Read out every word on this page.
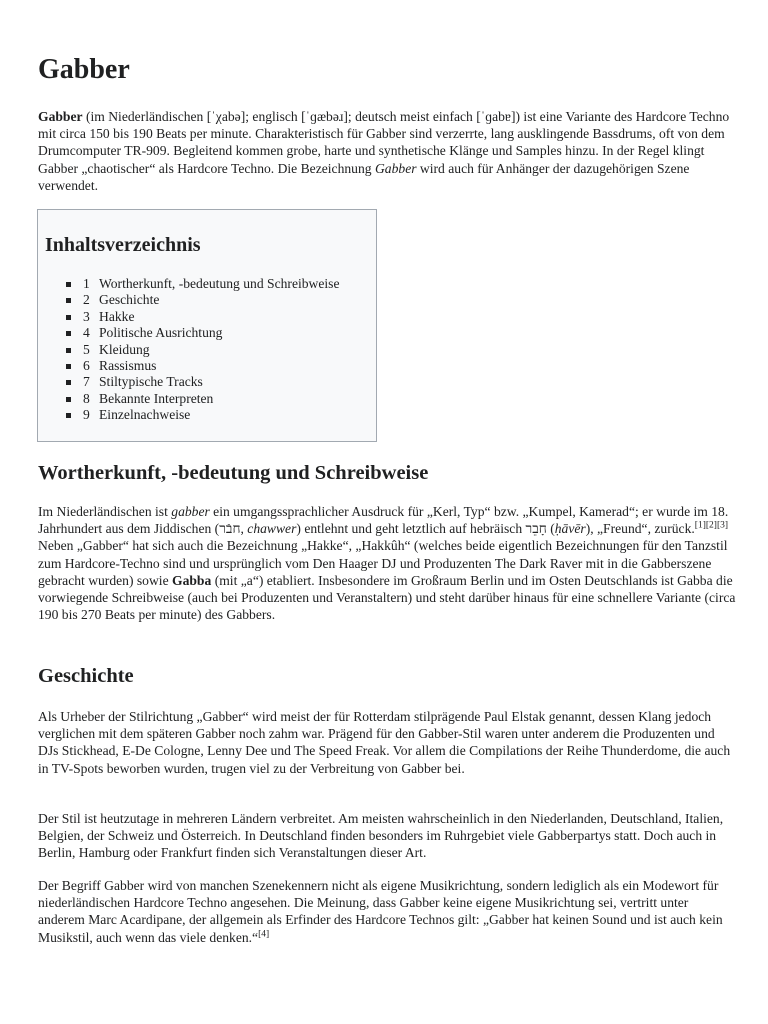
Gabber

Gabber (im Niederländischen [ˈχabə]; englisch [ˈɡæbəɹ]; deutsch meist einfach [ˈɡabɐ]) ist eine Variante des Hardcore Techno mit circa 150 bis 190 Beats per minute. Charakteristisch für Gabber sind verzerrte, lang ausklingende Bassdrums, oft von dem Drumcomputer TR-909. Begleitend kommen grobe, harte und synthetische Klänge und Samples hinzu. In der Regel klingt Gabber „chaotischer“ als Hardcore Techno. Die Bezeichnung Gabber wird auch für Anhänger der dazugehörigen Szene verwendet.

Inhaltsverzeichnis
1 Wortherkunft, -bedeutung und Schreibweise
2 Geschichte
3 Hakke
4 Politische Ausrichtung
5 Kleidung
6 Rassismus
7 Stiltypische Tracks
8 Bekannte Interpreten
9 Einzelnachweise
Wortherkunft, -bedeutung und Schreibweise

Im Niederländischen ist gabber ein umgangssprachlicher Ausdruck für „Kerl, Typ“ bzw. „Kumpel, Kamerad“; er wurde im 18. Jahrhundert aus dem Jiddischen (חבֿר, chawwer) entlehnt und geht letztlich auf hebräisch חָבֵר (ḥāvēr), „Freund“, zurück.[1][2][3] Neben „Gabber“ hat sich auch die Bezeichnung „Hakke“, „Hakkûh“ (welches beide eigentlich Bezeichnungen für den Tanzstil zum Hardcore-Techno sind und ursprünglich vom Den Haager DJ und Produzenten The Dark Raver mit in die Gabberszene gebracht wurden) sowie Gabba (mit „a“) etabliert. Insbesondere im Großraum Berlin und im Osten Deutschlands ist Gabba die vorwiegende Schreibweise (auch bei Produzenten und Veranstaltern) und steht darüber hinaus für eine schnellere Variante (circa 190 bis 270 Beats per minute) des Gabbers.

Geschichte

Als Urheber der Stilrichtung „Gabber“ wird meist der für Rotterdam stilprägende Paul Elstak genannt, dessen Klang jedoch verglichen mit dem späteren Gabber noch zahm war. Prägend für den Gabber-Stil waren unter anderem die Produzenten und DJs Stickhead, E-De Cologne, Lenny Dee und The Speed Freak. Vor allem die Compilations der Reihe Thunderdome, die auch in TV-Spots beworben wurden, trugen viel zu der Verbreitung von Gabber bei.

Der Stil ist heutzutage in mehreren Ländern verbreitet. Am meisten wahrscheinlich in den Niederlanden, Deutschland, Italien, Belgien, der Schweiz und Österreich. In Deutschland finden besonders im Ruhrgebiet viele Gabberpartys statt. Doch auch in Berlin, Hamburg oder Frankfurt finden sich Veranstaltungen dieser Art.

Der Begriff Gabber wird von manchen Szenekennern nicht als eigene Musikrichtung, sondern lediglich als ein Modewort für niederländischen Hardcore Techno angesehen. Die Meinung, dass Gabber keine eigene Musikrichtung sei, vertritt unter anderem Marc Acardipane, der allgemein als Erfinder des Hardcore Technos gilt: „Gabber hat keinen Sound und ist auch kein Musikstil, auch wenn das viele denken.“[4]
